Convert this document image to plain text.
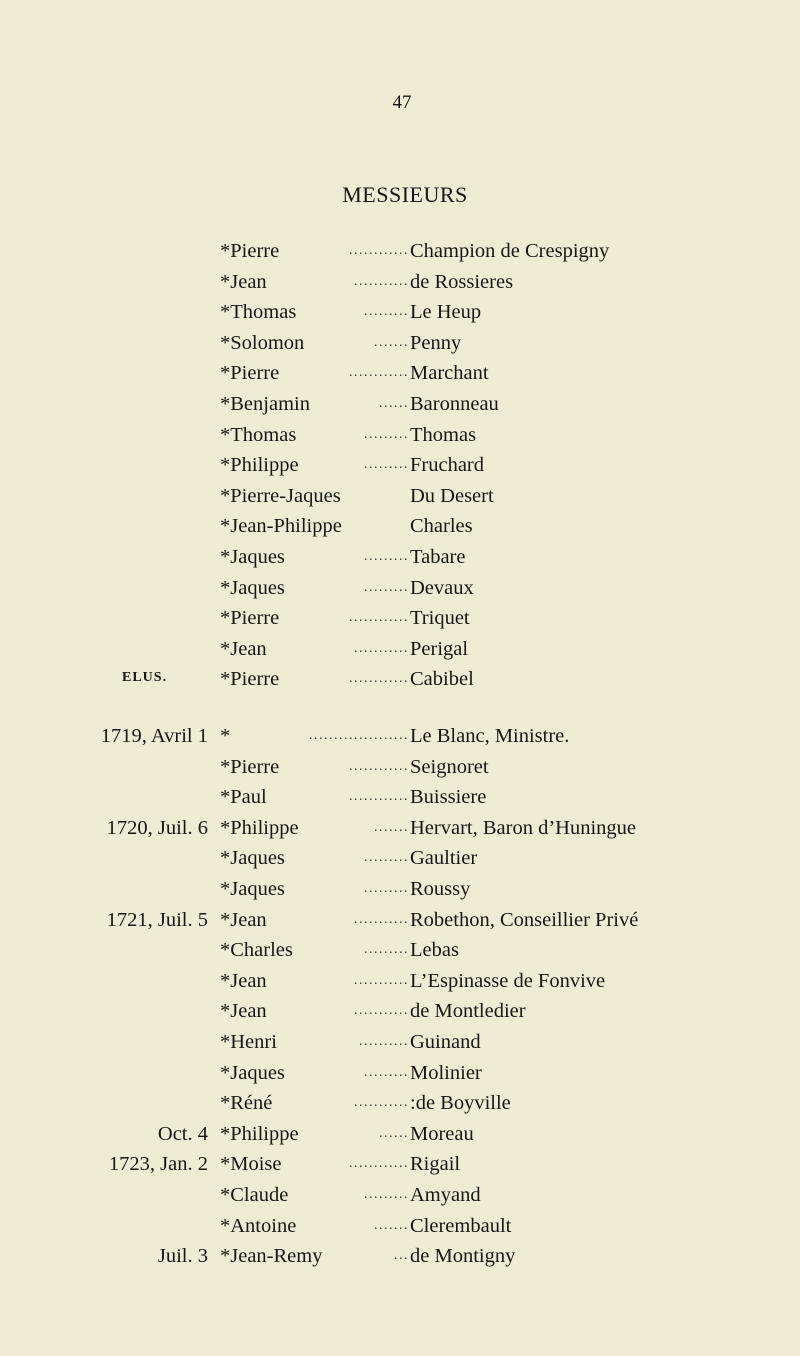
47
MESSIEURS
ELUS.
*Pierre	............ Champion de Crespigny
*Jean	........... de Rossieres
*Thomas	......... Le Heup
*Solomon	....... Penny
*Pierre	............ Marchant
*Benjamin	...... Baronneau
*Thomas	......... Thomas
*Philippe	......... Fruchard
*Pierre-Jaques	Du Desert
*Jean-Philippe	Charles
*Jaques	......... Tabare
*Jaques	......... Devaux
*Pierre	............ Triquet
*Jean	........... Perigal
*Pierre	............ Cabibel
1719, Avril 1 *	.................... Le Blanc, Ministre.
*Pierre	............ Seignoret
*Paul	............ Buissiere
1720, Juil. 6 *Philippe	....... Hervart, Baron d’Huningue
*Jaques	......... Gaultier
*Jaques	......... Roussy
1721, Juil. 5 *Jean	........... Robethon, Conseillier Privé
*Charles	......... Lebas
*Jean	........... L’Espinasse de Fonvive
*Jean	........... de Montledier
*Henri	.......... Guinand
*Jaques	......... Molinier
*Réné	........... :de Boyville
Oct. 4 *Philippe	...... Moreau
1723, Jan. 2 *Moise	............ Rigail
*Claude	......... Amyand
*Antoine	....... Clerembault
Juil. 3 *Jean-Remy	... de Montigny
